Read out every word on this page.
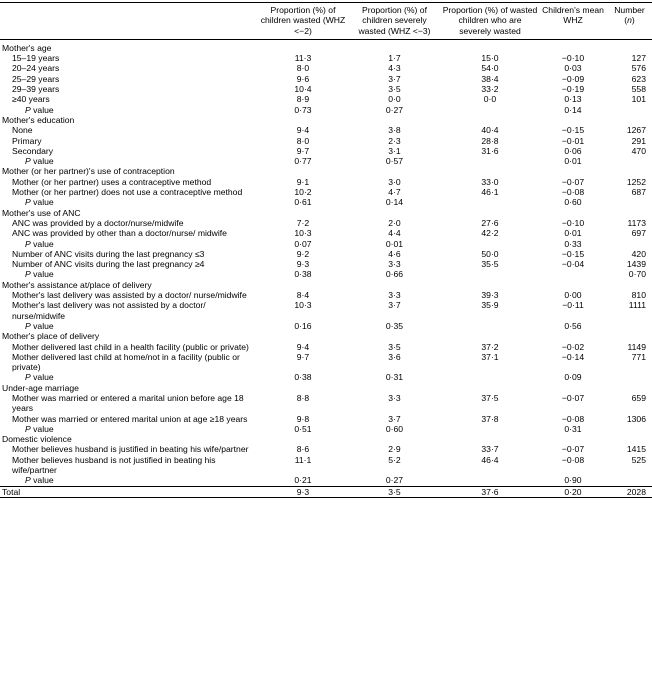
	Proportion (%) of children wasted (WHZ <−2)	Proportion (%) of children severely wasted (WHZ <−3)	Proportion (%) of wasted children who are severely wasted	Children's mean WHZ	Number
(n)
Mother's age					
15–19 years	11·3	1·7	15·0	−0·10	127
20–24 years	8·0	4·3	54·0	0·03	576
25–29 years	9·6	3·7	38·4	−0·09	623
29–39 years	10·4	3·5	33·2	−0·19	558
≥40 years	8·9	0·0	0·0	0·13	101
P value	0·73	0·27		0·14	
Mother's education					
None	9·4	3·8	40·4	−0·15	1267
Primary	8·0	2·3	28·8	−0·01	291
Secondary	9·7	3·1	31·6	0·06	470
P value	0·77	0·57		0·01	
Mother (or her partner)'s use of contraception					
Mother (or her partner) uses a contraceptive method	9·1	3·0	33·0	−0·07	1252
Mother (or her partner) does not use a contraceptive method	10·2	4·7	46·1	−0·08	687
P value	0·61	0·14		0·60	
Mother's use of ANC					
ANC was provided by a doctor/nurse/midwife	7·2	2·0	27·6	−0·10	1173
ANC was provided by other than a doctor/nurse/ midwife	10·3	4·4	42·2	0·01	697
P value	0·07	0·01		0·33	
Number of ANC visits during the last pregnancy ≤3	9·2	4·6	50·0	−0·15	420
Number of ANC visits during the last pregnancy ≥4	9·3	3·3	35·5	−0·04	1439
P value	0·38	0·66			0·70
Mother's assistance at/place of delivery					
Mother's last delivery was assisted by a doctor/ nurse/midwife	8·4	3·3	39·3	0·00	810
Mother's last delivery was not assisted by a doctor/ nurse/midwife	10·3	3·7	35·9	−0·11	1111
P value	0·16	0·35		0·56	
Mother's place of delivery					
Mother delivered last child in a health facility (public or private)	9·4	3·5	37·2	−0·02	1149
Mother delivered last child at home/not in a facility (public or private)	9·7	3·6	37·1	−0·14	771
P value	0·38	0·31		0·09	
Under-age marriage					
Mother was married or entered a marital union before age 18 years	8·8	3·3	37·5	−0·07	659
Mother was married or entered marital union at age ≥18 years	9·8	3·7	37·8	−0·08	1306
P value	0·51	0·60		0·31	
Domestic violence					
Mother believes husband is justified in beating his wife/partner	8·6	2·9	33·7	−0·07	1415
Mother believes husband is not justified in beating his wife/partner	11·1	5·2	46·4	−0·08	525
P value	0·21	0·27		0·90	
Total	9·3	3·5	37·6	0·20	2028
